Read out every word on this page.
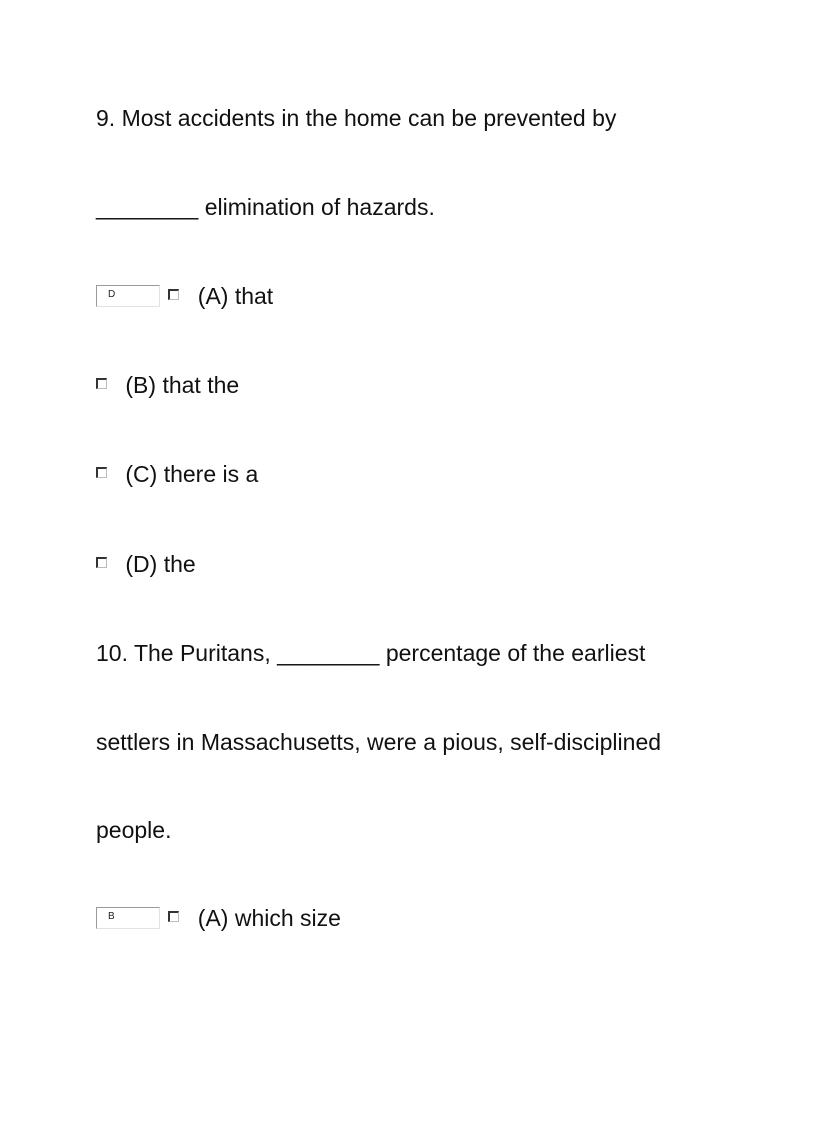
9. Most accidents in the home can be prevented by
________ elimination of hazards.
D	(A) that
(B) that the
(C) there is a
(D) the
10. The Puritans, ________ percentage of the earliest
settlers in Massachusetts, were a pious, self-disciplined
people.
B	(A) which size
